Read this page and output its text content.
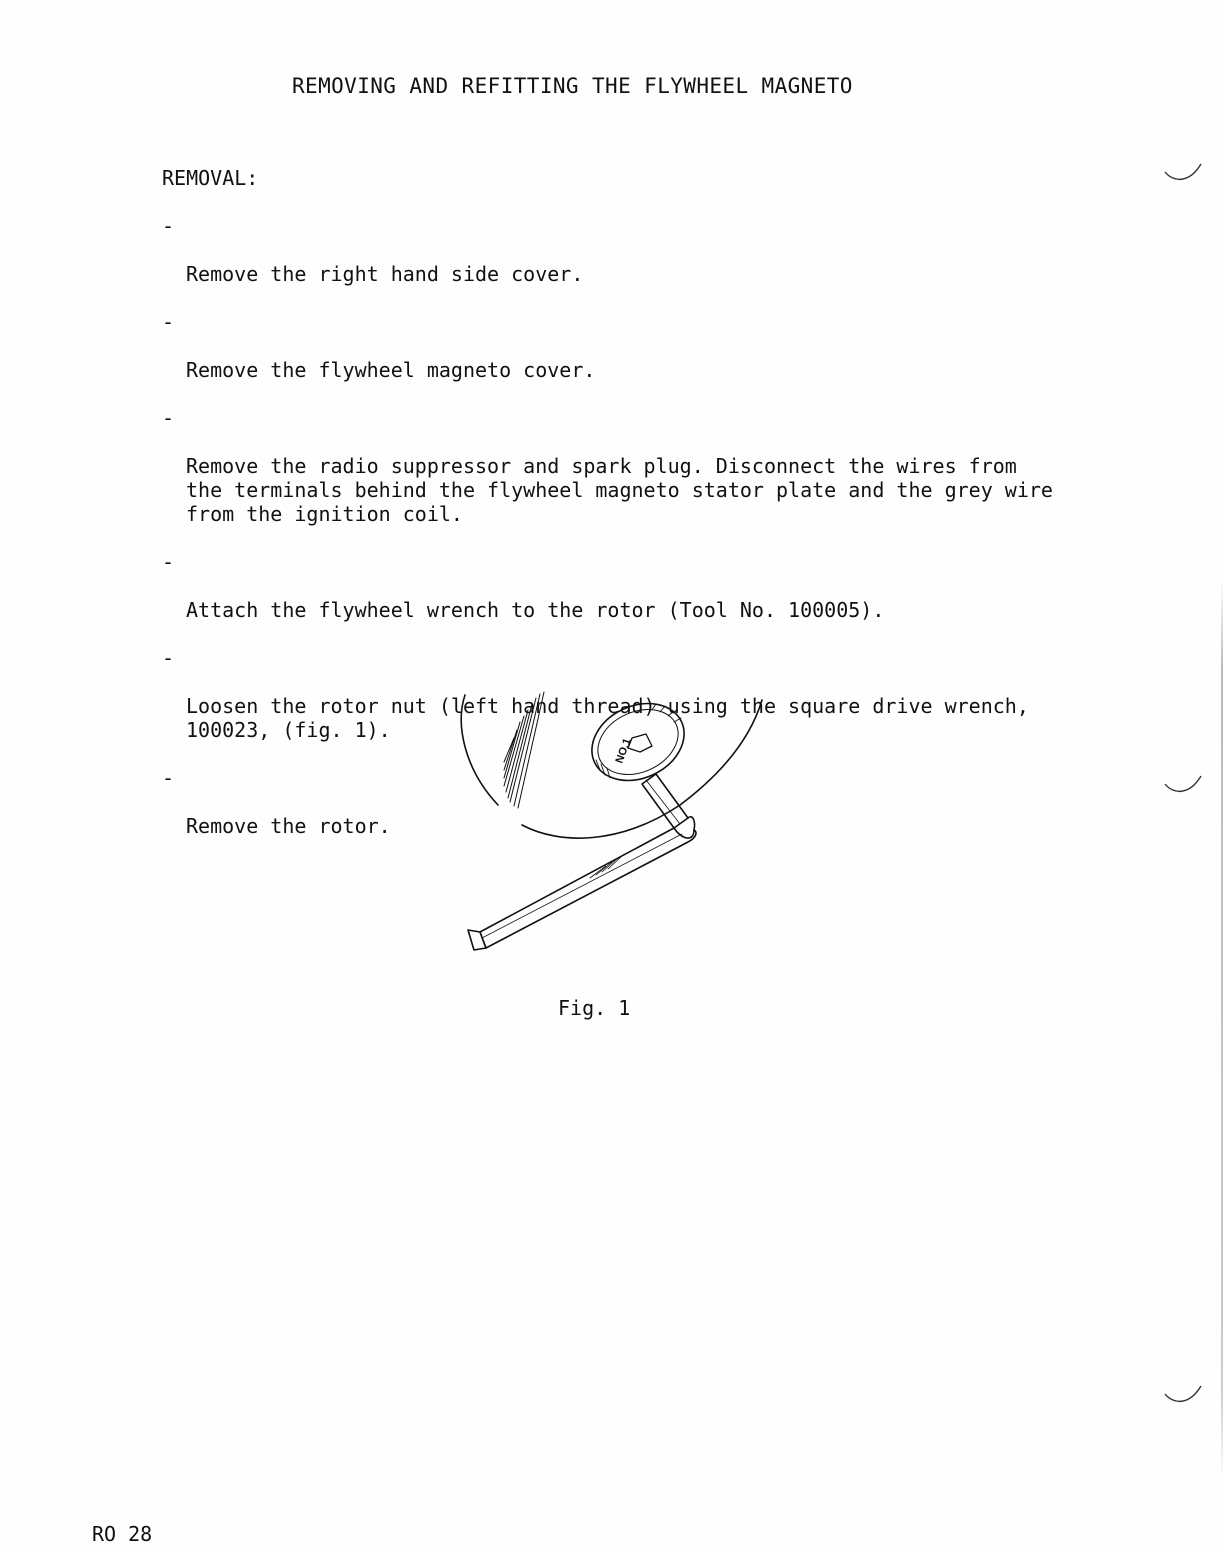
REMOVING AND REFITTING THE FLYWHEEL MAGNETO
REMOVAL:

-

Remove the right hand side cover.

-

Remove the flywheel magneto cover.

-

Remove the radio suppressor and spark plug. Disconnect the wires from
the terminals behind the flywheel magneto stator plate and the grey wire
from the ignition coil.

-

Attach the flywheel wrench to the rotor (Tool No. 100005).

-

Loosen the rotor nut (left hand thread) using the square drive wrench,
100023, (fig. 1).

-

Remove the rotor.

NO.1
Fig. 1
RO 28
